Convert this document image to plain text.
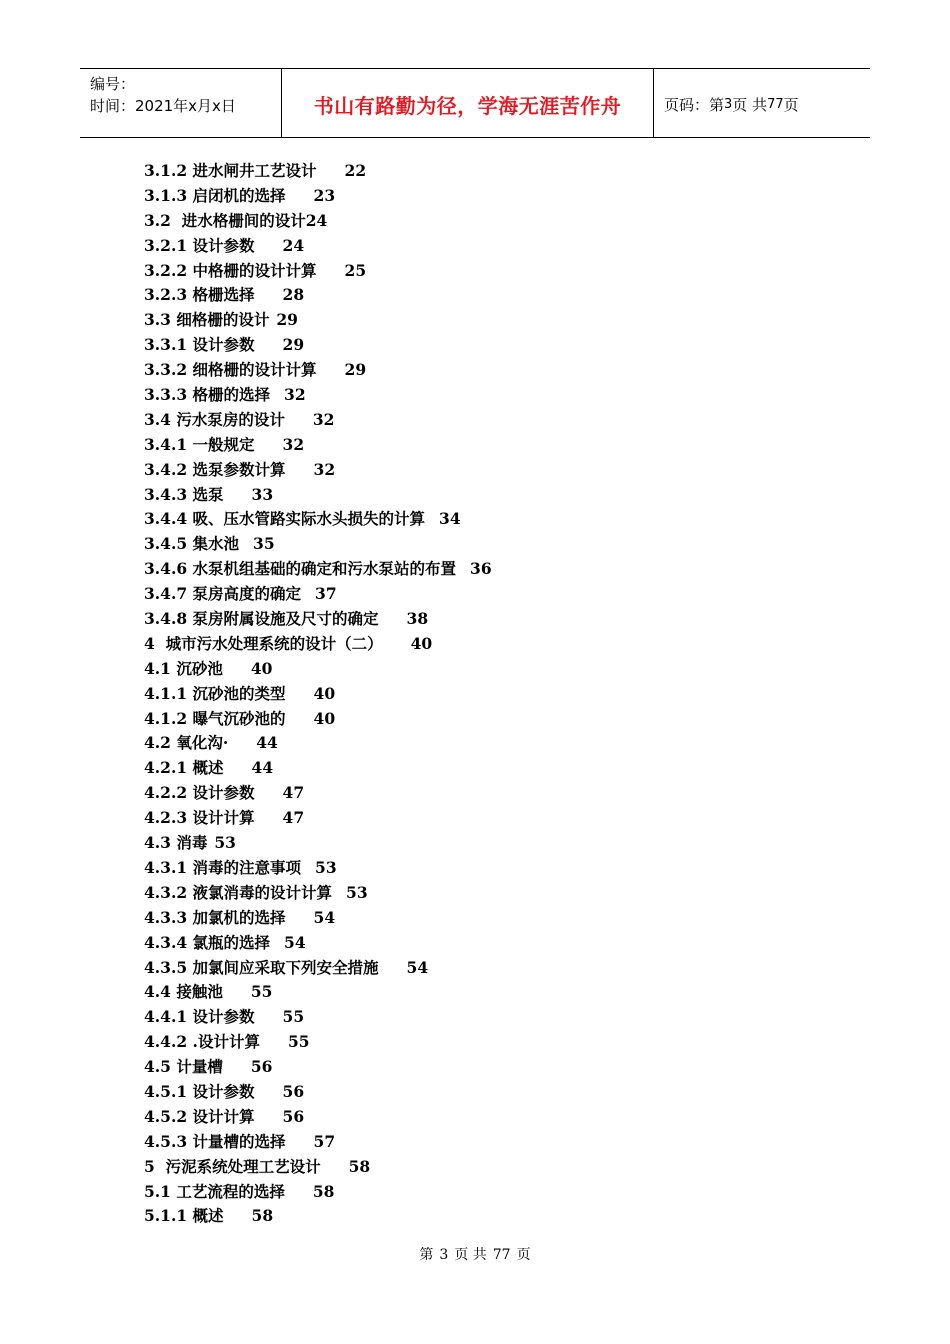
编号：
时间：2021年x月x日	书山有路勤为径，学海无涯苦作舟	页码：第 3 页 共 77 页
3.1.2 进水闸井工艺设计 22
3.1.3 启闭机的选择 23
3.2  进水格栅间的设计24
3.2.1 设计参数 24
3.2.2 中格栅的设计计算 25
3.2.3 格栅选择 28
3.3 细格栅的设计 29
3.3.1 设计参数 29
3.3.2 细格栅的设计计算 29
3.3.3 格栅的选择 32
3.4 污水泵房的设计 32
3.4.1 一般规定 32
3.4.2 选泵参数计算 32
3.4.3 选泵 33
3.4.4 吸、压水管路实际水头损失的计算 34
3.4.5 集水池 35
3.4.6 水泵机组基础的确定和污水泵站的布置 36
3.4.7 泵房高度的确定 37
3.4.8 泵房附属设施及尺寸的确定 38
4  城市污水处理系统的设计（二） 40
4.1 沉砂池 40
4.1.1 沉砂池的类型 40
4.1.2 曝气沉砂池的 40
4.2 氧化沟· 44
4.2.1 概述 44
4.2.2 设计参数 47
4.2.3 设计计算 47
4.3 消毒 53
4.3.1 消毒的注意事项 53
4.3.2 液氯消毒的设计计算 53
4.3.3 加氯机的选择 54
4.3.4 氯瓶的选择 54
4.3.5 加氯间应采取下列安全措施 54
4.4 接触池 55
4.4.1 设计参数 55
4.4.2 .设计计算 55
4.5 计量槽 56
4.5.1 设计参数 56
4.5.2 设计计算 56
4.5.3 计量槽的选择 57
5  污泥系统处理工艺设计 58
5.1 工艺流程的选择 58
5.1.1 概述 58
第 3 页 共 77 页
